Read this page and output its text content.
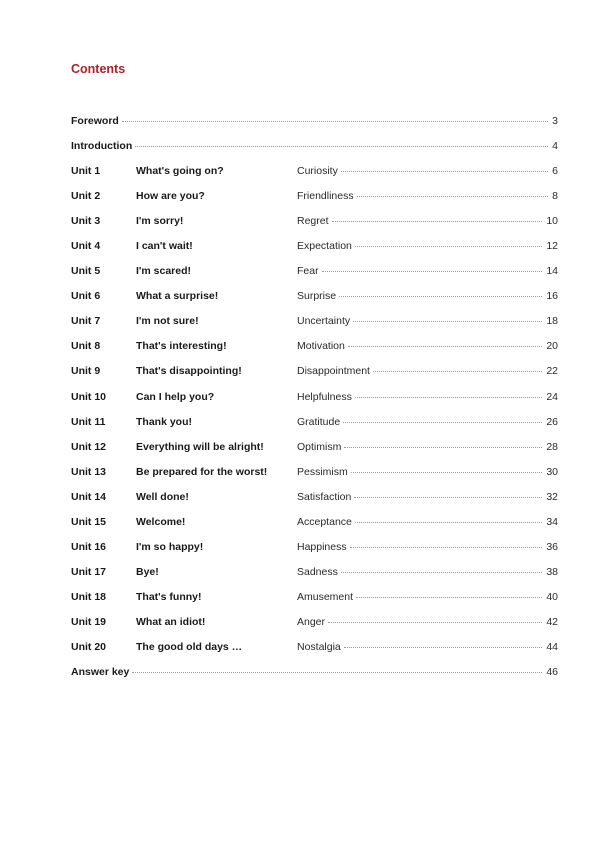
Contents
Foreword	3
Introduction	4
Unit 1	What's going on?	Curiosity	6
Unit 2	How are you?	Friendliness	8
Unit 3	I'm sorry!	Regret	10
Unit 4	I can't wait!	Expectation	12
Unit 5	I'm scared!	Fear	14
Unit 6	What a surprise!	Surprise	16
Unit 7	I'm not sure!	Uncertainty	18
Unit 8	That's interesting!	Motivation	20
Unit 9	That's disappointing!	Disappointment	22
Unit 10	Can I help you?	Helpfulness	24
Unit 11	Thank you!	Gratitude	26
Unit 12	Everything will be alright!	Optimism	28
Unit 13	Be prepared for the worst!	Pessimism	30
Unit 14	Well done!	Satisfaction	32
Unit 15	Welcome!	Acceptance	34
Unit 16	I'm so happy!	Happiness	36
Unit 17	Bye!	Sadness	38
Unit 18	That's funny!	Amusement	40
Unit 19	What an idiot!	Anger	42
Unit 20	The good old days …	Nostalgia	44
Answer key	46
